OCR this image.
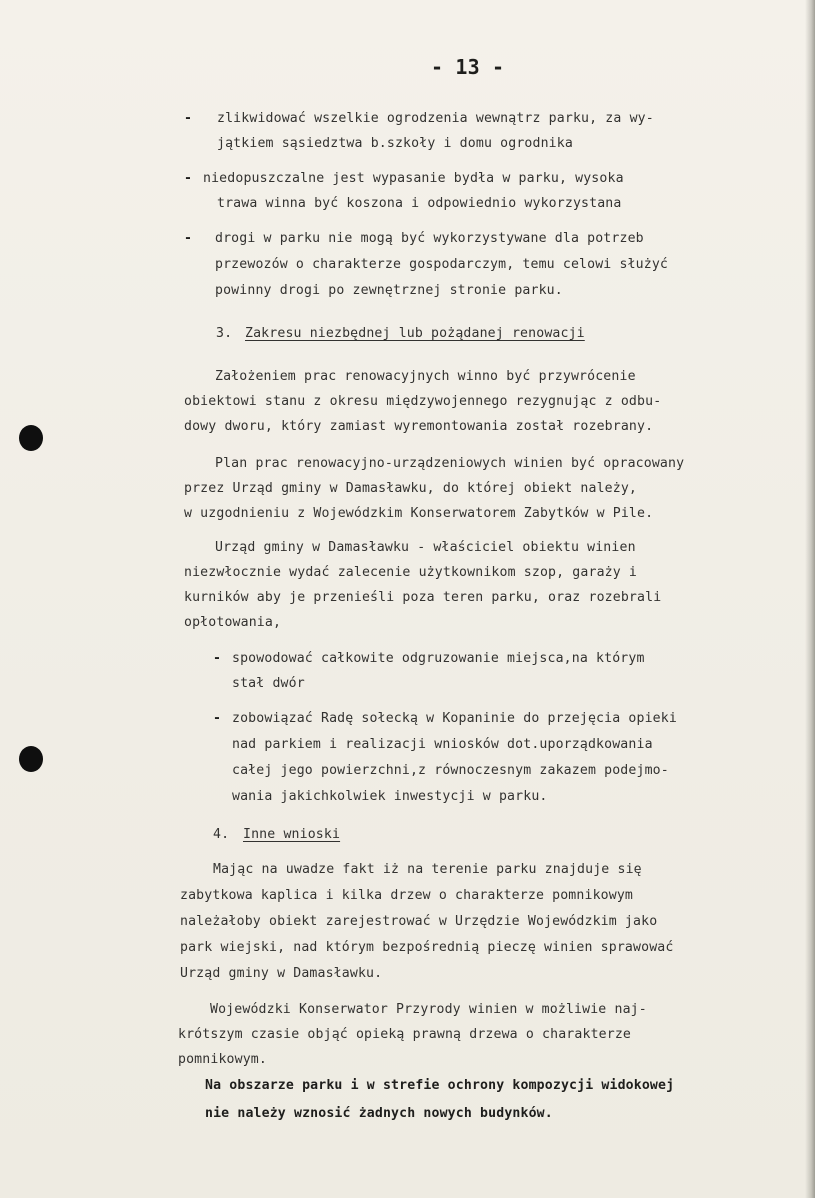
- 13 -
- zlikwidować wszelkie ogrodzenia wewnątrz parku, za wy-
jątkiem sąsiedztwa b.szkoły i domu ogrodnika
- niedopuszczalne jest wypasanie bydła w parku, wysoka
trawa winna być koszona i odpowiednio wykorzystana
- drogi w parku nie mogą być wykorzystywane dla potrzeb
przewozów o charakterze gospodarczym, temu celowi służyć
powinny drogi po zewnętrznej stronie parku.
3. Zakresu niezbędnej lub pożądanej renowacji
Założeniem prac renowacyjnych winno być przywrócenie
obiektowi stanu z okresu międzywojennego rezygnując z odbu-
dowy dworu, który zamiast wyremontowania został rozebrany.
Plan prac renowacyjno-urządzeniowych winien być opracowany
przez Urząd gminy w Damasławku, do której obiekt należy,
w uzgodnieniu z Wojewódzkim Konserwatorem Zabytków w Pile.
Urząd gminy w Damasławku - właściciel obiektu winien
niezwłocznie wydać zalecenie użytkownikom szop, garaży i
kurników aby je przenieśli poza teren parku, oraz rozebrali
opłotowania,
- spowodować całkowite odgruzowanie miejsca,na którym
stał dwór
- zobowiązać Radę sołecką w Kopaninie do przejęcia opieki
nad parkiem i realizacji wniosków dot.uporządkowania
całej jego powierzchni,z równoczesnym zakazem podejmo-
wania jakichkolwiek inwestycji w parku.
4. Inne wnioski
Mając na uwadze fakt iż na terenie parku znajduje się
zabytkowa kaplica i kilka drzew o charakterze pomnikowym
należałoby obiekt zarejestrować w Urzędzie Wojewódzkim jako
park wiejski, nad którym bezpośrednią pieczę winien sprawować
Urząd gminy w Damasławku.
Wojewódzki Konserwator Przyrody winien w możliwie naj-
krótszym czasie objąć opieką prawną drzewa o charakterze
pomnikowym.
Na obszarze parku i w strefie ochrony kompozycji widokowej
nie należy wznosić żadnych nowych budynków.
